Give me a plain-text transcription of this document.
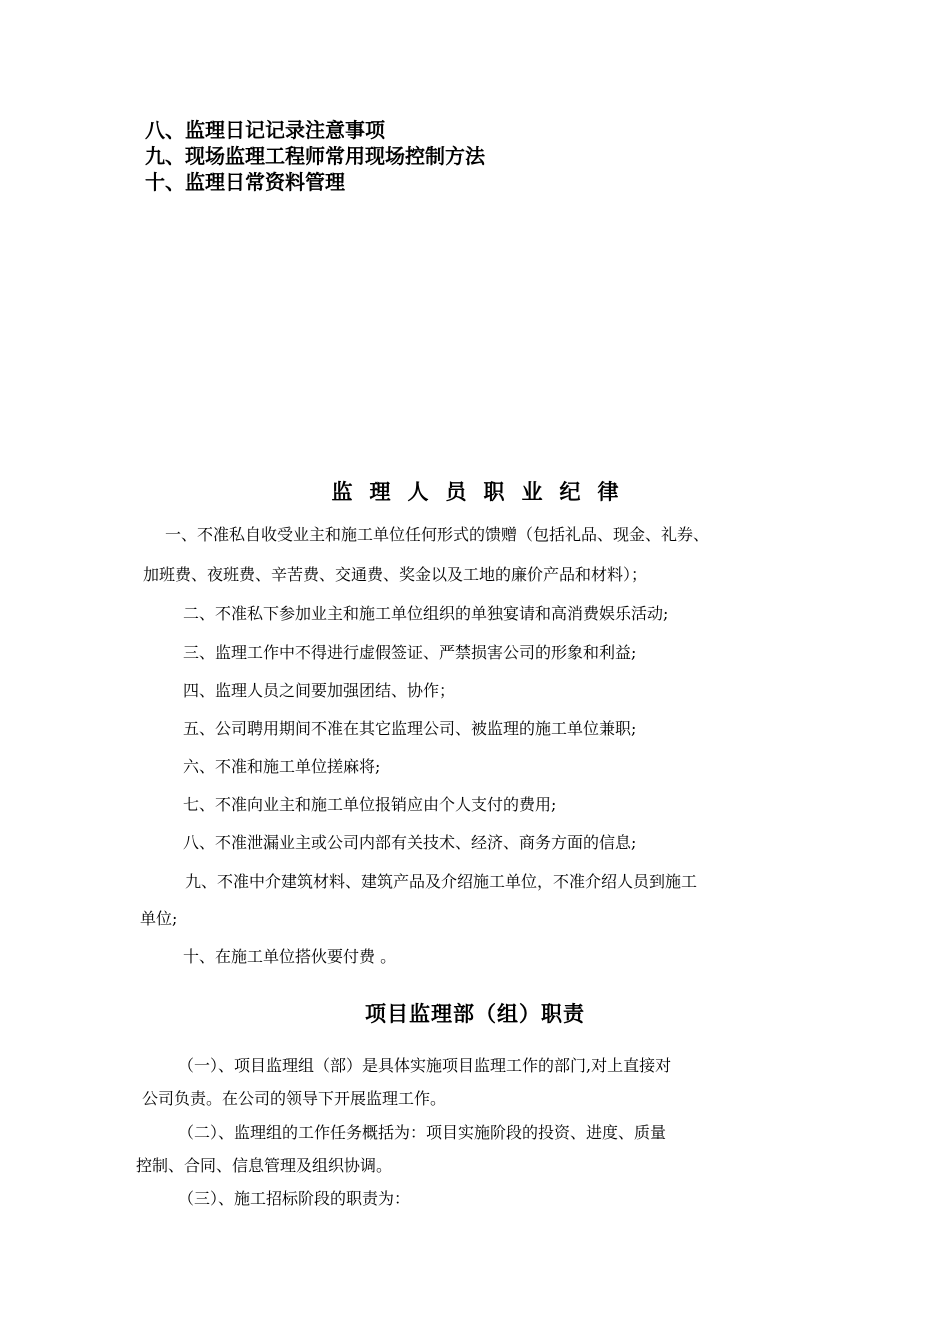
八、监理日记记录注意事项
九、现场监理工程师常用现场控制方法
十、监理日常资料管理
监理人员职业纪律
一、不准私自收受业主和施工单位任何形式的馈赠（包括礼品、现金、礼券、
加班费、夜班费、辛苦费、交通费、奖金以及工地的廉价产品和材料）；
二、不准私下参加业主和施工单位组织的单独宴请和高消费娱乐活动;
三、监理工作中不得进行虚假签证、严禁损害公司的形象和利益;
四、监理人员之间要加强团结、协作；
五、公司聘用期间不准在其它监理公司、被监理的施工单位兼职;
六、不准和施工单位搓麻将;
七、不准向业主和施工单位报销应由个人支付的费用;
八、不准泄漏业主或公司内部有关技术、经济、商务方面的信息;
九、不准中介建筑材料、建筑产品及介绍施工单位，不准介绍人员到施工
单位;
十、在施工单位搭伙要付费 。
项目监理部（组）职责
（一）、项目监理组（部）是具体实施项目监理工作的部门,对上直接对
公司负责。在公司的领导下开展监理工作。
（二）、监理组的工作任务概括为：项目实施阶段的投资、进度、质量
控制、合同、信息管理及组织协调。
（三）、施工招标阶段的职责为：
